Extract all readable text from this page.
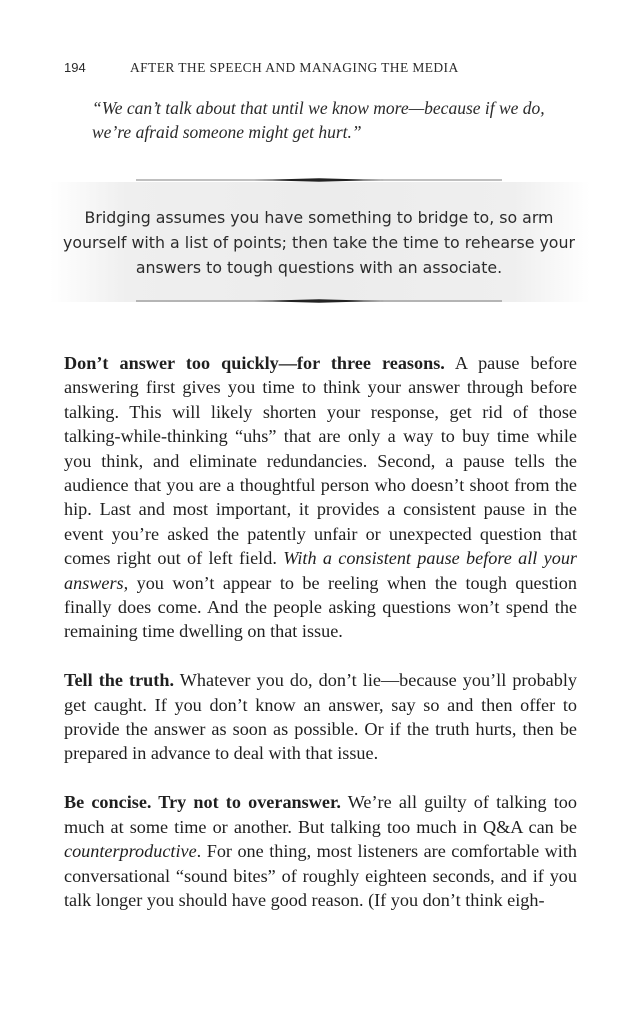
194	AFTER THE SPEECH AND MANAGING THE MEDIA
“We can’t talk about that until we know more—because if we do, we’re afraid someone might get hurt.”
Bridging assumes you have something to bridge to, so arm yourself with a list of points; then take the time to rehearse your answers to tough questions with an associate.

Don’t answer too quickly—for three reasons. A pause before answering first gives you time to think your answer through before talking. This will likely shorten your response, get rid of those talking-while-thinking “uhs” that are only a way to buy time while you think, and eliminate redundancies. Second, a pause tells the audience that you are a thoughtful person who doesn’t shoot from the hip. Last and most important, it provides a consistent pause in the event you’re asked the patently unfair or unexpected question that comes right out of left field. With a consistent pause before all your answers, you won’t appear to be reeling when the tough question finally does come. And the people asking questions won’t spend the remaining time dwelling on that issue.

Tell the truth. Whatever you do, don’t lie—because you’ll probably get caught. If you don’t know an answer, say so and then offer to provide the answer as soon as possible. Or if the truth hurts, then be prepared in advance to deal with that issue.

Be concise. Try not to overanswer. We’re all guilty of talking too much at some time or another. But talking too much in Q&A can be counterproductive. For one thing, most listeners are comfortable with conversational “sound bites” of roughly eighteen seconds, and if you talk longer you should have good reason. (If you don’t think eigh-
